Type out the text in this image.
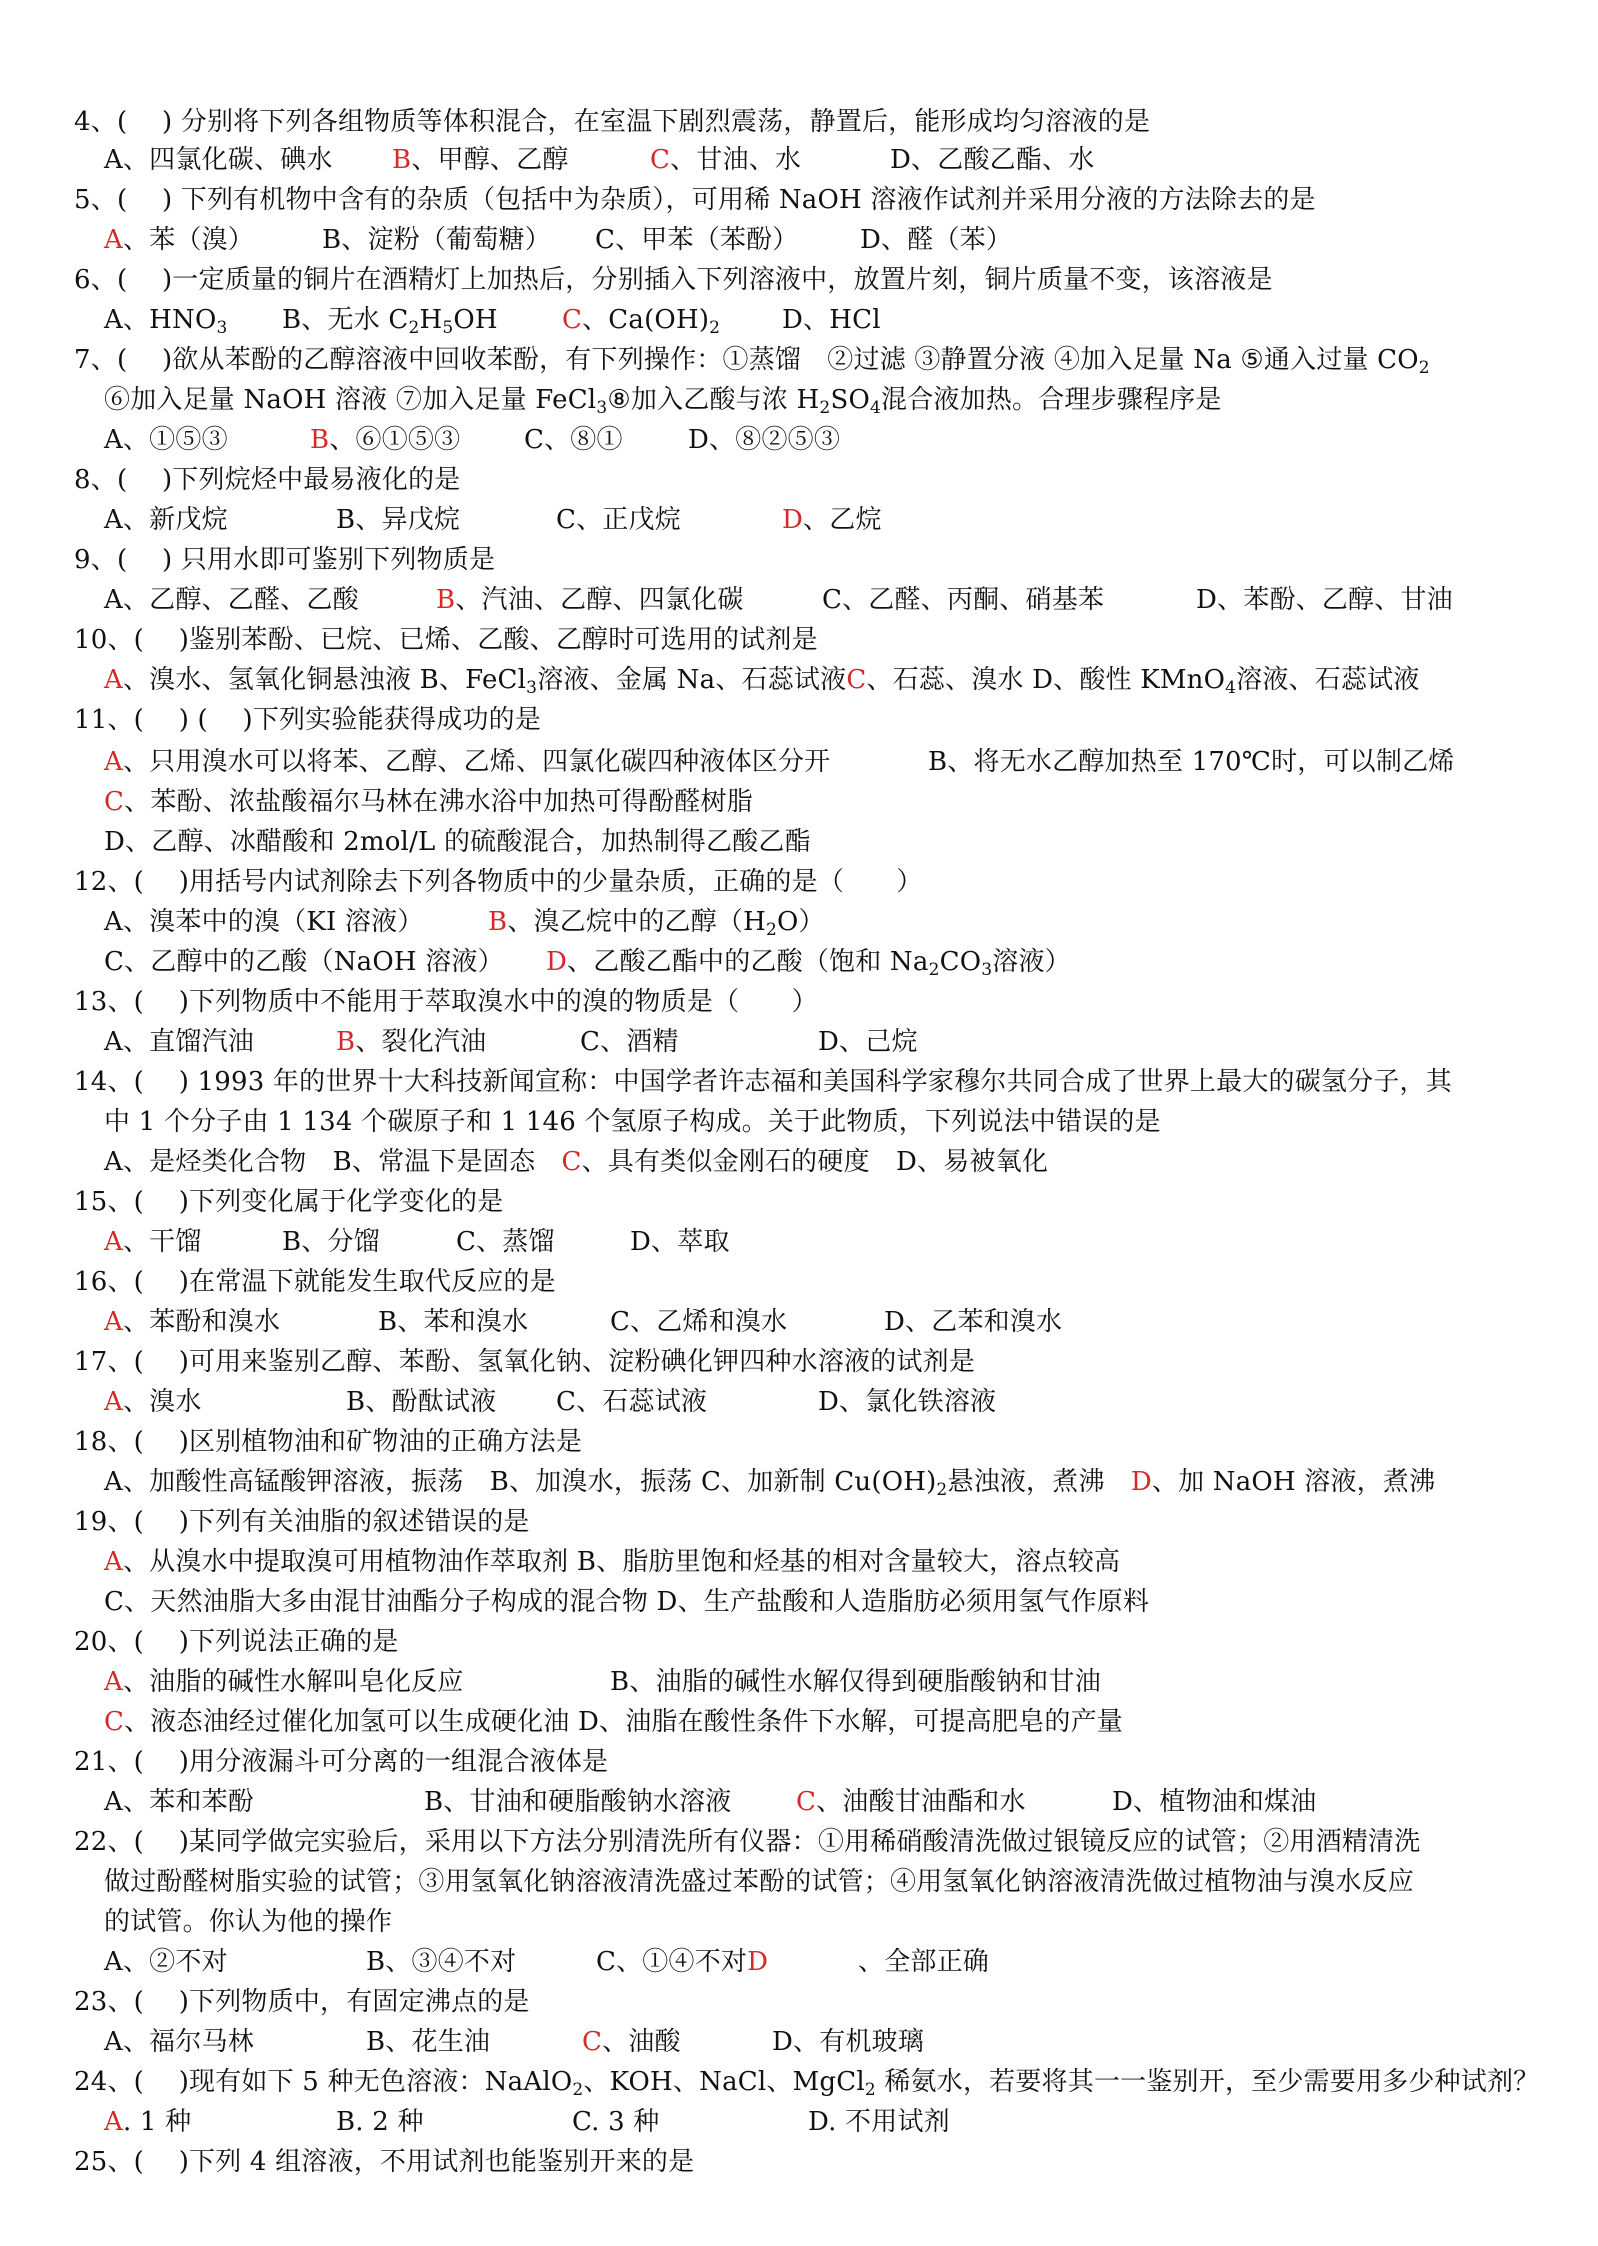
4、(　 ) 分别将下列各组物质等体积混合，在室温下剧烈震荡，静置后，能形成均匀溶液的是
A、四氯化碳、碘水 B、甲醇、乙醇	C、甘油、水	D、乙酸乙酯、水
5、(　 ) 下列有机物中含有的杂质（包括中为杂质），可用稀 NaOH 溶液作试剂并采用分液的方法除去的是
A、苯（溴）	B、淀粉（葡萄糖） C、甲苯（苯酚） D、醛（苯）
6、(　 )一定质量的铜片在酒精灯上加热后，分别插入下列溶液中，放置片刻，铜片质量不变，该溶液是
A、$HNO_3$ B、无水 $C_2H_5OH$ C、$Ca(OH)_2$ D、HCl
7、(　 )欲从苯酚的乙醇溶液中回收苯酚，有下列操作：①蒸馏　②过滤 ③静置分液 ④加入足量 Na ⑤通入过量 $CO_2$
⑥加入足量 NaOH 溶液 ⑦加入足量 FeCl$_3$⑧加入乙酸与浓 $H_2SO_4$混合液加热。合理步骤程序是
A、①⑤③	B、⑥①⑤③ C、⑧①	D、⑧②⑤③
8、(　 )下列烷烃中最易液化的是
A、新戊烷	B、异戊烷	C、正戊烷	D、乙烷
9、(　 ) 只用水即可鉴别下列物质是
A、乙醇、乙醛、乙酸	B、汽油、乙醇、四氯化碳	C、乙醛、丙酮、硝基苯	D、苯酚、乙醇、甘油
10、(　 )鉴别苯酚、已烷、已烯、乙酸、乙醇时可选用的试剂是
A、溴水、氢氧化铜悬浊液 B、FeCl$_3$溶液、金属 Na、石蕊试液C、石蕊、溴水 D、酸性 KMnO$_4$溶液、石蕊试液
11、(　 ) (　 )下列实验能获得成功的是
A、只用溴水可以将苯、乙醇、乙烯、四氯化碳四种液体区分开	B、将无水乙醇加热至 170℃时，可以制乙烯
C、苯酚、浓盐酸福尔马林在沸水浴中加热可得酚醛树脂
D、乙醇、冰醋酸和 2mol/L 的硫酸混合，加热制得乙酸乙酯
12、(　 )用括号内试剂除去下列各物质中的少量杂质，正确的是（　　）
A、溴苯中的溴（KI 溶液） B、溴乙烷中的乙醇$(H_2O)$
C、乙醇中的乙酸（NaOH 溶液） D、乙酸乙酯中的乙酸（饱和 $Na_2CO_3$溶液）
13、(　 )下列物质中不能用于萃取溴水中的溴的物质是（　　）
A、直馏汽油	B、裂化汽油	C、酒精	D、己烷
14、(　 ) 1993 年的世界十大科技新闻宣称：中国学者许志福和美国科学家穆尔共同合成了世界上最大的碳氢分子，其
中 1 个分子由 1 134 个碳原子和 1 146 个氢原子构成。关于此物质，下列说法中错误的是
A、是烃类化合物　B、常温下是固态　C、具有类似金刚石的硬度　D、易被氧化
15、(　 )下列变化属于化学变化的是
A、干馏	B、分馏	C、蒸馏	D、萃取
16、(　 )在常温下就能发生取代反应的是
A、苯酚和溴水	B、苯和溴水	C、乙烯和溴水	D、乙苯和溴水
17、(　 )可用来鉴别乙醇、苯酚、氢氧化钠、淀粉碘化钾四种水溶液的试剂是
A、溴水	B、酚酞试液 C、石蕊试液	D、氯化铁溶液
18、(　 )区别植物油和矿物油的正确方法是
A、加酸性高锰酸钾溶液，振荡　B、加溴水，振荡 C、加新制 $Cu(OH)_2$悬浊液，煮沸　D、加 NaOH 溶液，煮沸
19、(　 )下列有关油脂的叙述错误的是
A、从溴水中提取溴可用植物油作萃取剂 B、脂肪里饱和烃基的相对含量较大，溶点较高
C、天然油脂大多由混甘油酯分子构成的混合物 D、生产盐酸和人造脂肪必须用氢气作原料
20、(　 )下列说法正确的是
A、油脂的碱性水解叫皂化反应	B、油脂的碱性水解仅得到硬脂酸钠和甘油
C、液态油经过催化加氢可以生成硬化油 D、油脂在酸性条件下水解，可提高肥皂的产量
21、(　 )用分液漏斗可分离的一组混合液体是
A、苯和苯酚	B、甘油和硬脂酸钠水溶液 C、油酸甘油酯和水	D、植物油和煤油
22、(　 )某同学做完实验后，采用以下方法分别清洗所有仪器：①用稀硝酸清洗做过银镜反应的试管；②用酒精清洗
做过酚醛树脂实验的试管；③用氢氧化钠溶液清洗盛过苯酚的试管；④用氢氧化钠溶液清洗做过植物油与溴水反应
的试管。你认为他的操作
A、②不对	B、③④不对	C、①④不对D	、全部正确
23、(　 )下列物质中，有固定沸点的是
A、福尔马林	B、花生油	C、油酸	D、有机玻璃
24、(　 )现有如下 5 种无色溶液：NaAlO$_2$、KOH、NaCl、MgCl$_2$ 稀氨水，若要将其一一鉴别开，至少需要用多少种试剂？
A. 1 种	B. 2 种	C. 3 种	D. 不用试剂
25、(　 )下列 4 组溶液，不用试剂也能鉴别开来的是
